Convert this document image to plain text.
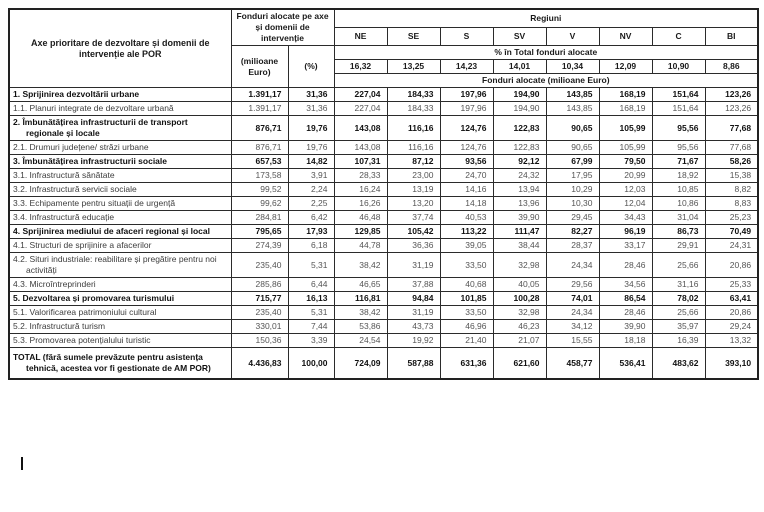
Axe prioritare de dezvoltare și domenii de intervenție ale POR	Fonduri alocate pe axe și domenii de intervenție		Regiuni							
			NE	SE	S	SV	V	NV	C	BI
	(milioane Euro)	(%)	% în Total fonduri alocate							
			16,32	13,25	14,23	14,01	10,34	12,09	10,90	8,86
			Fonduri alocate (milioane Euro)							
1. Sprijinirea dezvoltării urbane	1.391,17	31,36	227,04	184,33	197,96	194,90	143,85	168,19	151,64	123,26
1.1. Planuri integrate de dezvoltare urbană	1.391,17	31,36	227,04	184,33	197,96	194,90	143,85	168,19	151,64	123,26
2. Îmbunătățirea infrastructurii de transport regionale și locale	876,71	19,76	143,08	116,16	124,76	122,83	90,65	105,99	95,56	77,68
2.1. Drumuri județene/ străzi urbane	876,71	19,76	143,08	116,16	124,76	122,83	90,65	105,99	95,56	77,68
3. Îmbunătățirea infrastructurii sociale	657,53	14,82	107,31	87,12	93,56	92,12	67,99	79,50	71,67	58,26
3.1. Infrastructură sănătate	173,58	3,91	28,33	23,00	24,70	24,32	17,95	20,99	18,92	15,38
3.2. Infrastructură servicii sociale	99,52	2,24	16,24	13,19	14,16	13,94	10,29	12,03	10,85	8,82
3.3. Echipamente pentru situații de urgență	99,62	2,25	16,26	13,20	14,18	13,96	10,30	12,04	10,86	8,83
3.4. Infrastructură educație	284,81	6,42	46,48	37,74	40,53	39,90	29,45	34,43	31,04	25,23
4. Sprijinirea mediului de afaceri regional și local	795,65	17,93	129,85	105,42	113,22	111,47	82,27	96,19	86,73	70,49
4.1. Structuri de sprijinire a afacerilor	274,39	6,18	44,78	36,36	39,05	38,44	28,37	33,17	29,91	24,31
4.2. Situri industriale: reabilitare și pregătire pentru noi activități	235,40	5,31	38,42	31,19	33,50	32,98	24,34	28,46	25,66	20,86
4.3. Microîntreprinderi	285,86	6,44	46,65	37,88	40,68	40,05	29,56	34,56	31,16	25,33
5. Dezvoltarea și promovarea turismului	715,77	16,13	116,81	94,84	101,85	100,28	74,01	86,54	78,02	63,41
5.1. Valorificarea patrimoniului cultural	235,40	5,31	38,42	31,19	33,50	32,98	24,34	28,46	25,66	20,86
5.2. Infrastructură turism	330,01	7,44	53,86	43,73	46,96	46,23	34,12	39,90	35,97	29,24
5.3. Promovarea potențialului turistic	150,36	3,39	24,54	19,92	21,40	21,07	15,55	18,18	16,39	13,32
TOTAL (fără sumele prevăzute pentru asistența tehnică, acestea vor fi gestionate de AM POR)	4.436,83	100,00	724,09	587,88	631,36	621,60	458,77	536,41	483,62	393,10
